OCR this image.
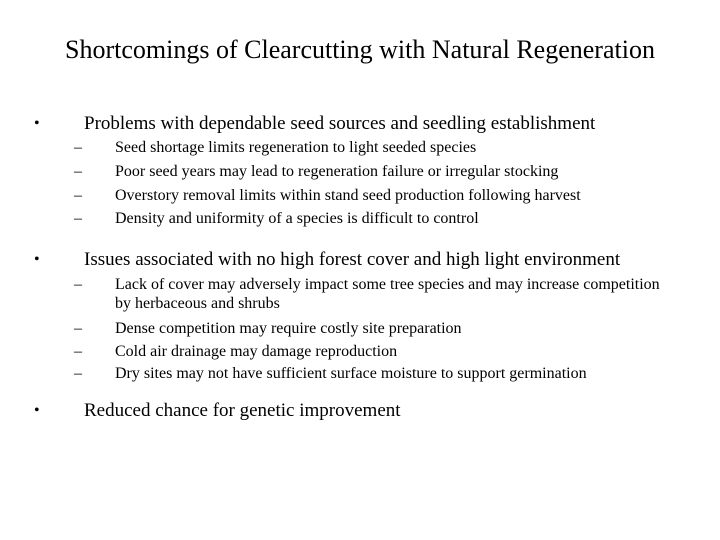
Shortcomings of Clearcutting with Natural Regeneration
• Problems with dependable seed sources and seedling establishment
– Seed shortage limits regeneration to light seeded species
– Poor seed years may lead to regeneration failure or irregular stocking
– Overstory removal limits within stand seed production following harvest
– Density and uniformity of a species is difficult to control
• Issues associated with no high forest cover and high light environment
– Lack of cover may adversely impact some tree species and may increase competition by herbaceous and shrubs
– Dense competition may require costly site preparation
– Cold air drainage may damage reproduction
– Dry sites may not have sufficient surface moisture to support germination
• Reduced chance for genetic improvement
